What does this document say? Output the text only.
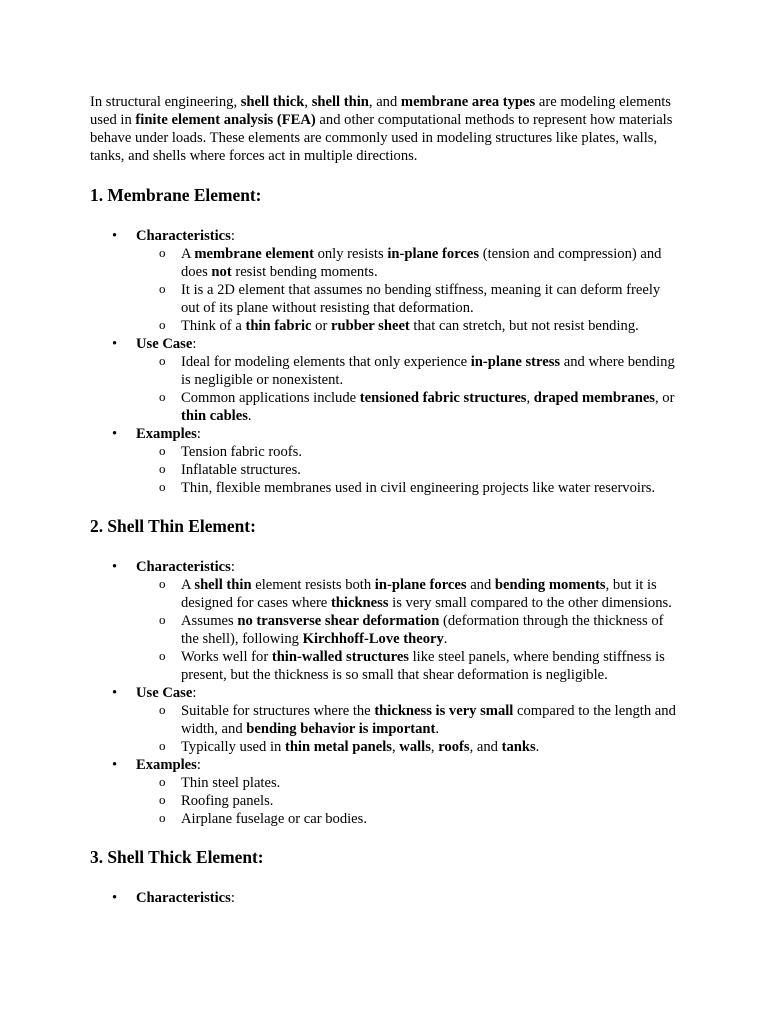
In structural engineering, shell thick, shell thin, and membrane area types are modeling elements used in finite element analysis (FEA) and other computational methods to represent how materials behave under loads. These elements are commonly used in modeling structures like plates, walls, tanks, and shells where forces act in multiple directions.

1. Membrane Element:
• Characteristics:
o A membrane element only resists in-plane forces (tension and compression) and does not resist bending moments.
o It is a 2D element that assumes no bending stiffness, meaning it can deform freely out of its plane without resisting that deformation.
o Think of a thin fabric or rubber sheet that can stretch, but not resist bending.
• Use Case:
o Ideal for modeling elements that only experience in-plane stress and where bending is negligible or nonexistent.
o Common applications include tensioned fabric structures, draped membranes, or thin cables.
• Examples:
o Tension fabric roofs.
o Inflatable structures.
o Thin, flexible membranes used in civil engineering projects like water reservoirs.
2. Shell Thin Element:
• Characteristics:
o A shell thin element resists both in-plane forces and bending moments, but it is designed for cases where thickness is very small compared to the other dimensions.
o Assumes no transverse shear deformation (deformation through the thickness of the shell), following Kirchhoff-Love theory.
o Works well for thin-walled structures like steel panels, where bending stiffness is present, but the thickness is so small that shear deformation is negligible.
• Use Case:
o Suitable for structures where the thickness is very small compared to the length and width, and bending behavior is important.
o Typically used in thin metal panels, walls, roofs, and tanks.
• Examples:
o Thin steel plates.
o Roofing panels.
o Airplane fuselage or car bodies.
3. Shell Thick Element:
• Characteristics:
